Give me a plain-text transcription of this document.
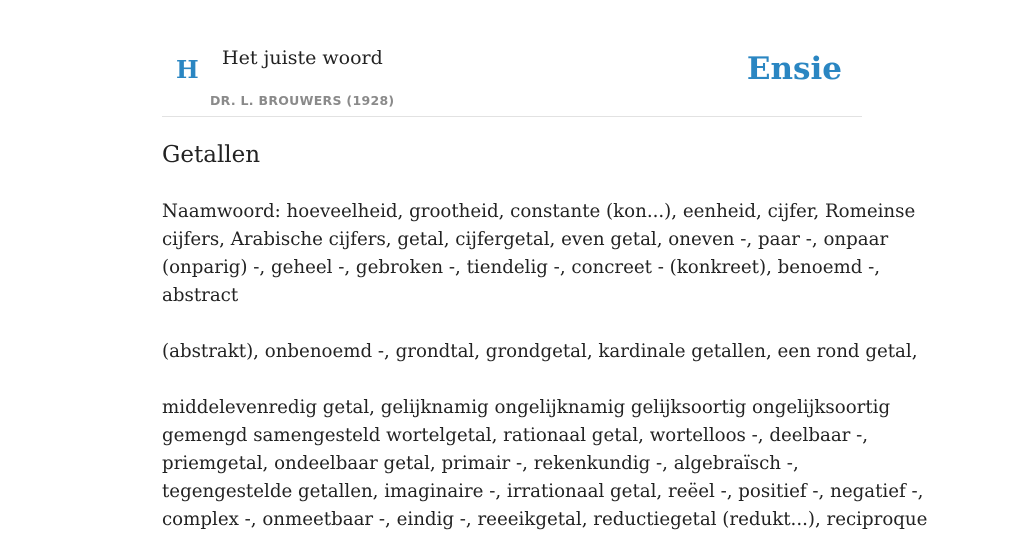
H Het juiste woord
DR. L. BROUWERS (1928)
Ensie
Getallen

Naamwoord: hoeveelheid, grootheid, constante (kon...), eenheid, cijfer, Romeinse
cijfers, Arabische cijfers, getal, cijfergetal, even getal, oneven -, paar -, onpaar
(onparig) -, geheel -, gebroken -, tiendelig -, concreet - (konkreet), benoemd -,
abstract

(abstrakt), onbenoemd -, grondtal, grondgetal, kardinale getallen, een rond getal,

middelevenredig getal, gelijknamig ongelijknamig gelijksoortig ongelijksoortig
gemengd samengesteld wortelgetal, rationaal getal, wortelloos -, deelbaar -,
priemgetal, ondeelbaar getal, primair -, rekenkundig -, algebraïsch -,
tegengestelde getallen, imaginaire -, irrationaal getal, reëel -, positief -, negatief -,
complex -, onmeetbaar -, eindig -, reeeikgetal, reductiegetal (redukt...), reciproque
